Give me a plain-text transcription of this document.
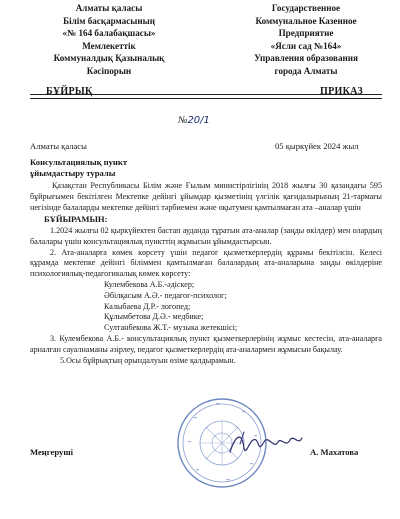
Алматы қаласы
Білім басқармасының
«№ 164 балабақшасы»
Мемлекеттік
Коммуналдық Қазыналық
Кәсіпорын
Государственное
Коммунальное Казенное
Предприятие
«Ясли сад №164»
Управления образования
города Алматы
БҰЙРЫҚ	ПРИКАЗ
№20/1
Алматы қаласы	05 қыркүйек 2024 жыл
Консультациялық пункт
ұйымдастыру туралы

Қазақстан Республикасы Білім және Ғылым министірлігінің 2018 жылғы 30 қазандағы 595 бұйрығымен бекітілген Мектепке дейінгі ұйымдар қызметінің үлгілік қағидалырының 21-тармағы негізінде балаларды мектепке дейінгі тәрбиемен және оқытумен қамтылмаған ата –аналар үшін

БҰЙЫРАМЫН:

1.2024 жылғы 02 қыркүйектен бастап ауданда тұратын ата-аналар (заңды өкілдер) мен олардың балалары үшін консультациялық пункттің жұмысын ұйымдастырсын.

2. Ата-аналарға көмек көрсету үшін педагог қызметкерлердің құрамы бекітілсін. Келесі құрамда мектепке дейінгі біліммен қамтылмаған балалардың ата-аналарына заңды өкілдеріне психологиялық-педагогикалық көмек көрсету:

Кулембекова А.Б.-әдіскер;

Әбілқасым А.Ә.- педагог-психолог;

Калыбаева Д.Р.- логопед;

Құлымбетова Д.Ә.- медбике;

Султанбекова Ж.Т.- музыка жетекшісі;

3. Кулембекова А.Б.- консультациялық пункт қызметкерлерінің жұмыс кестесін, ата-аналарға арналған сауалнаманы әзірлеу, педагог қызметкерлердің ата-аналармен жұмысын бақылау.

5.Осы бұйрықтың орындалуын өзіме қалдырамын.

Меңгеруші	А. Махатова
